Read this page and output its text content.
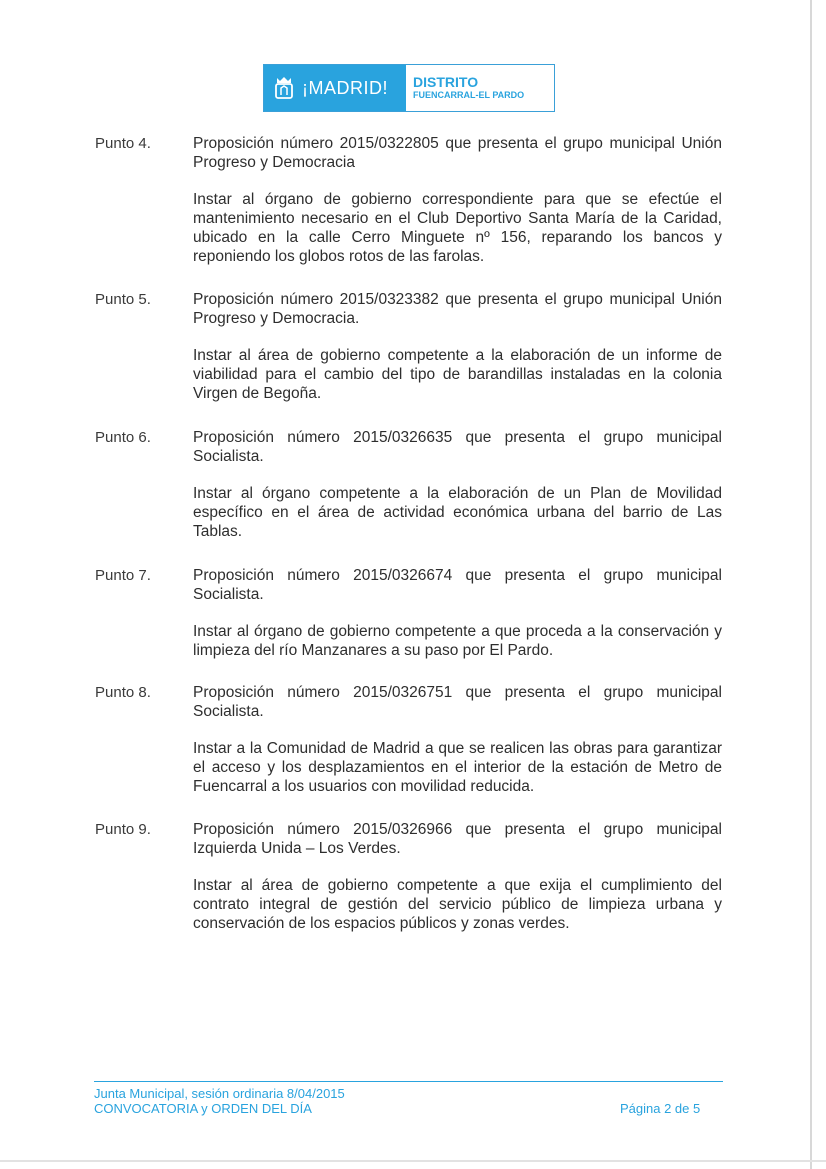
¡MADRID! DISTRITO
FUENCARRAL-EL PARDO
Punto 4.	Proposición número 2015/0322805 que presenta el grupo municipal Unión Progreso y Democracia

Instar al órgano de gobierno correspondiente para que se efectúe el mantenimiento necesario en el Club Deportivo Santa María de la Caridad, ubicado en la calle Cerro Minguete nº 156, reparando los bancos y reponiendo los globos rotos de las farolas.

Punto 5.	Proposición número 2015/0323382 que presenta el grupo municipal Unión Progreso y Democracia.

Instar al área de gobierno competente a la elaboración de un informe de viabilidad para el cambio del tipo de barandillas instaladas en la colonia Virgen de Begoña.

Punto 6.	Proposición número 2015/0326635 que presenta el grupo municipal Socialista.

Instar al órgano competente a la elaboración de un Plan de Movilidad específico en el área de actividad económica urbana del barrio de Las Tablas.

Punto 7.	Proposición número 2015/0326674 que presenta el grupo municipal Socialista.

Instar al órgano de gobierno competente a que proceda a la conservación y limpieza del río Manzanares a su paso por El Pardo.

Punto 8.	Proposición número 2015/0326751 que presenta el grupo municipal Socialista.

Instar a la Comunidad de Madrid a que se realicen las obras para garantizar el acceso y los desplazamientos en el interior de la estación de Metro de Fuencarral a los usuarios con movilidad reducida.

Punto 9.	Proposición número 2015/0326966 que presenta el grupo municipal Izquierda Unida – Los Verdes.

Instar al área de gobierno competente a que exija el cumplimiento del contrato integral de gestión del servicio público de limpieza urbana y conservación de los espacios públicos y zonas verdes.

Junta Municipal, sesión ordinaria 8/04/2015
CONVOCATORIA y ORDEN DEL DÍA	Página 2 de 5
